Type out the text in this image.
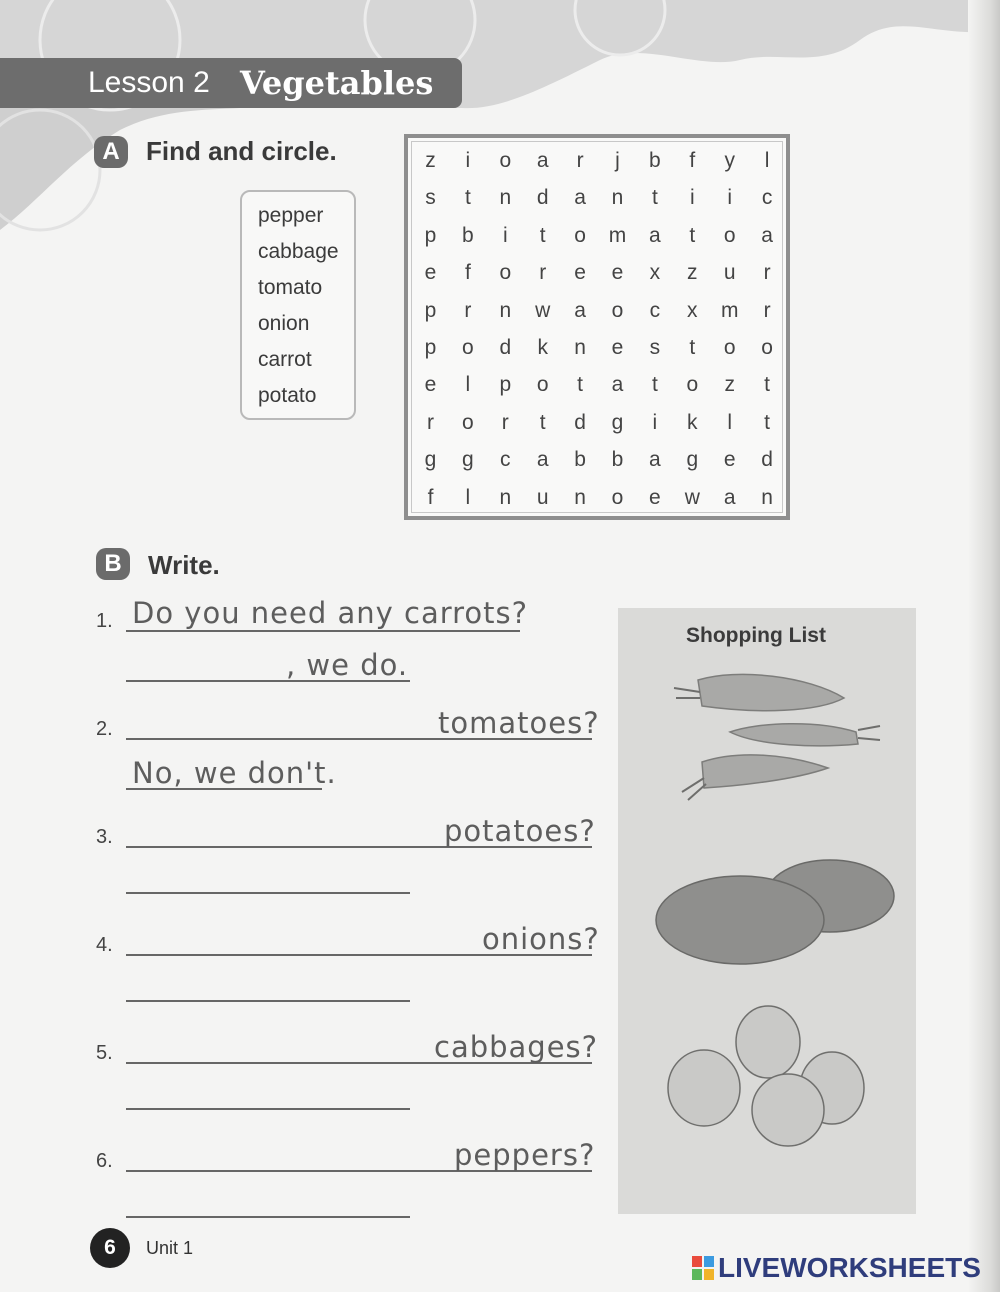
Lesson 2 Vegetables
A	Find and circle.
pepper
cabbage
tomato
onion
carrot
potato
z	i	o	a	r	j	b	f	y	l
s	t	n	d	a	n	t	i	i	c
p	b	i	t	o	m	a	t	o	a
e	f	o	r	e	e	x	z	u	r
p	r	n	w	a	o	c	x	m	r
p	o	d	k	n	e	s	t	o	o
e	l	p	o	t	a	t	o	z	t
r	o	r	t	d	g	i	k	l	t
g	g	c	a	b	b	a	g	e	d
f	l	n	u	n	o	e	w	a	n
B	Write.
1. Do you need any carrots?
, we do.
2.	tomatoes?
No, we don't.
3.	potatoes?
4.	onions?
5.	cabbages?
6.	peppers?
Shopping List
6	Unit 1
LIVEWORKSHEETS
